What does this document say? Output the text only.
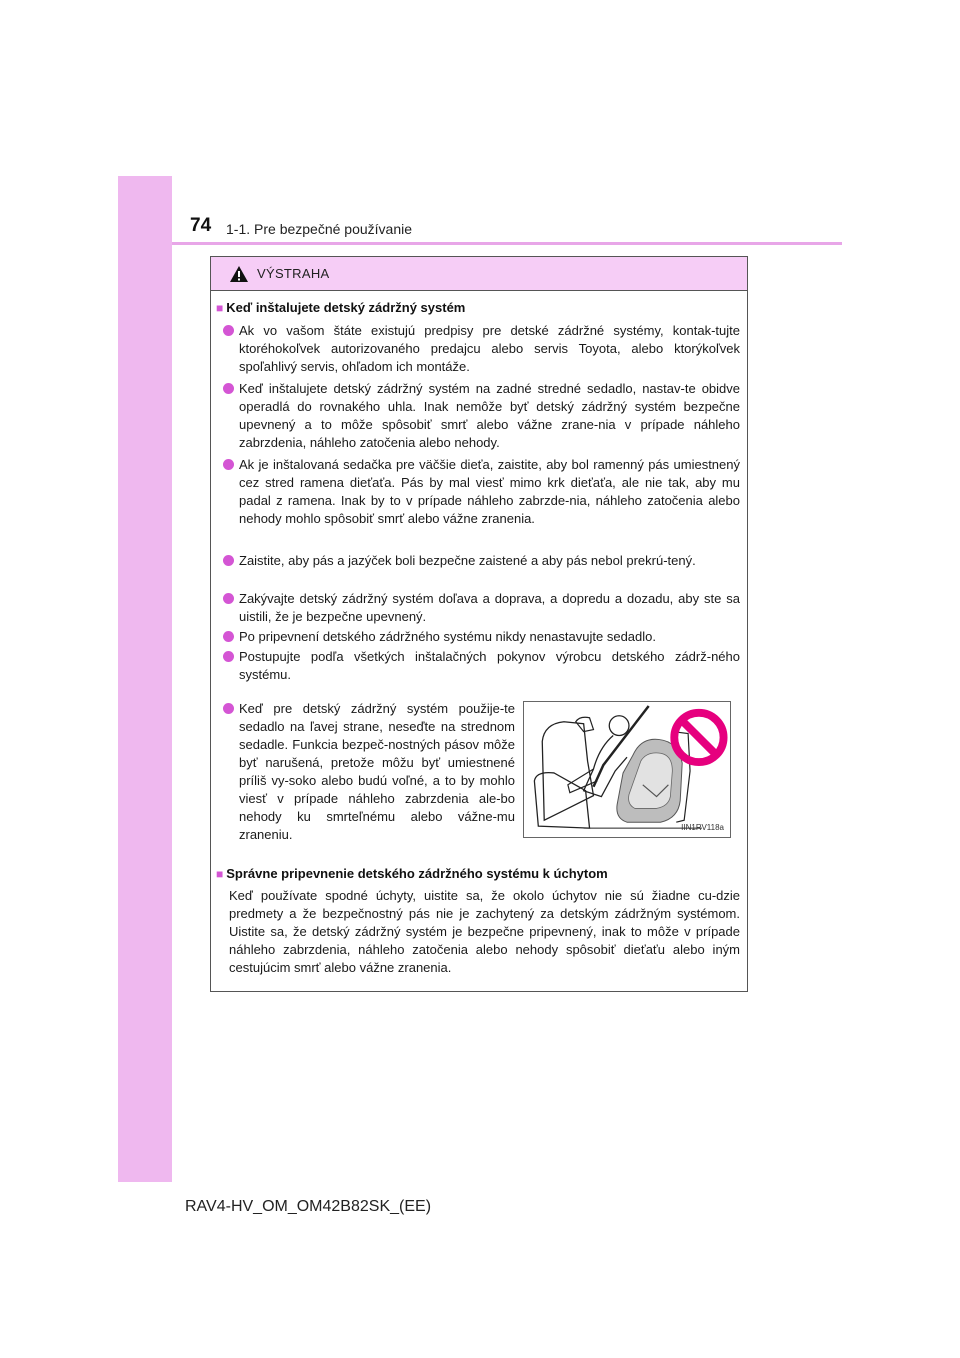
74 1-1. Pre bezpečné používanie
VÝSTRAHA
■ Keď inštalujete detský zádržný systém
Ak vo vašom štáte existujú predpisy pre detské zádržné systémy, kontak-tujte ktoréhokoľvek autorizovaného predajcu alebo servis Toyota, alebo ktorýkoľvek spoľahlivý servis, ohľadom ich montáže.
Keď inštalujete detský zádržný systém na zadné stredné sedadlo, nastav-te obidve operadlá do rovnakého uhla. Inak nemôže byť detský zádržný systém bezpečne upevnený a to môže spôsobiť smrť alebo vážne zrane-nia v prípade náhleho zabrzdenia, náhleho zatočenia alebo nehody.
Ak je inštalovaná sedačka pre väčšie dieťa, zaistite, aby bol ramenný pás umiestnený cez stred ramena dieťaťa. Pás by mal viesť mimo krk dieťaťa, ale nie tak, aby mu padal z ramena. Inak by to v prípade náhleho zabrzde-nia, náhleho zatočenia alebo nehody mohlo spôsobiť smrť alebo vážne zranenia.
Zaistite, aby pás a jazýček boli bezpečne zaistené a aby pás nebol prekrú-tený.
Zakývajte detský zádržný systém doľava a doprava, a dopredu a dozadu, aby ste sa uistili, že je bezpečne upevnený.
Po pripevnení detského zádržného systému nikdy nenastavujte sedadlo.
Postupujte podľa všetkých inštalačných pokynov výrobcu detského zádrž-ného systému.
Keď pre detský zádržný systém použije-te sedadlo na ľavej strane, neseďte na strednom sedadle. Funkcia bezpeč-nostných pásov môže byť narušená, pretože môžu byť umiestnené príliš vy-soko alebo budú voľné, a to by mohlo viesť v prípade náhleho zabrzdenia ale-bo nehody ku smrteľnému alebo vážne-mu zraneniu.	IIN1RV118a
■ Správne pripevnenie detského zádržného systému k úchytom
Keď používate spodné úchyty, uistite sa, že okolo úchytov nie sú žiadne cu-dzie predmety a že bezpečnostný pás nie je zachytený za detským zádržným systémom. Uistite sa, že detský zádržný systém je bezpečne pripevnený, inak to môže v prípade náhleho zabrzdenia, náhleho zatočenia alebo nehody spôsobiť dieťaťu alebo iným cestujúcim smrť alebo vážne zranenia.
RAV4-HV_OM_OM42B82SK_(EE)
